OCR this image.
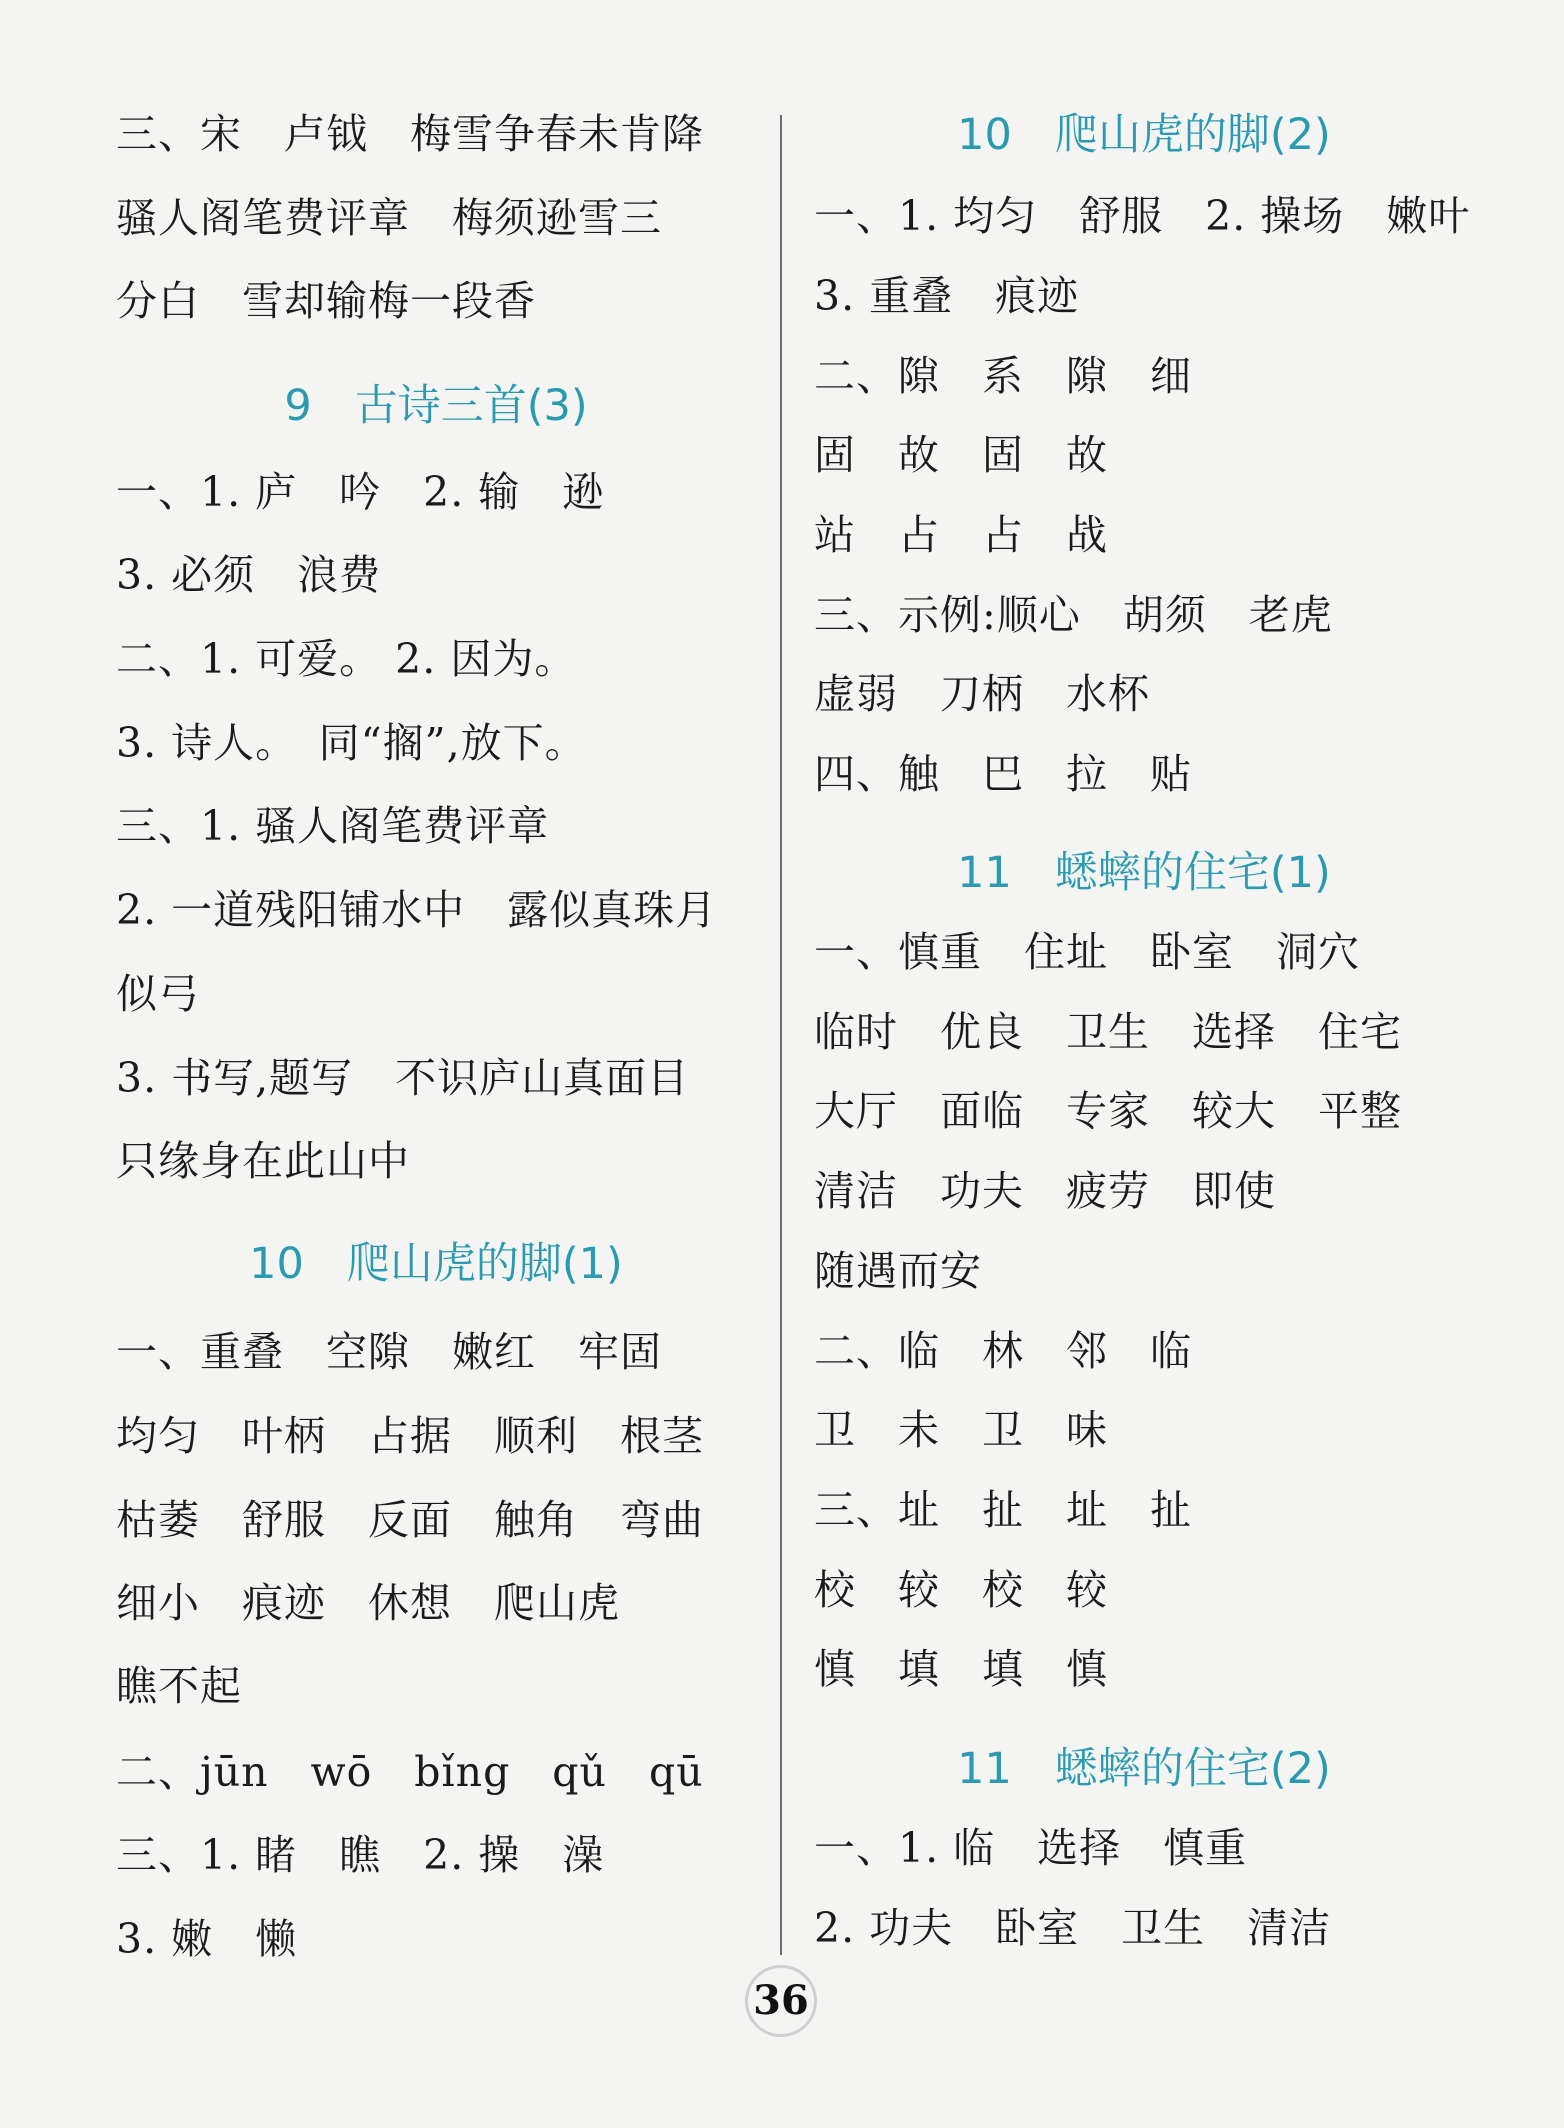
三、宋　卢钺　梅雪争春未肯降
骚人阁笔费评章　梅须逊雪三
分白　雪却输梅一段香
9　古诗三首(3)
一、1. 庐　吟　2. 输　逊
3. 必须　浪费
二、1. 可爱。 2. 因为。
3. 诗人。　同“搁”,放下。
三、1. 骚人阁笔费评章
2. 一道残阳铺水中　露似真珠月
似弓
3. 书写,题写　不识庐山真面目
只缘身在此山中
10　爬山虎的脚(1)
一、重叠　空隙　嫩红　牢固
均匀　叶柄　占据　顺利　根茎
枯萎　舒服　反面　触角　弯曲
细小　痕迹　休想　爬山虎
瞧不起
二、jūn　wō　bǐng　qǔ　qū
三、1. 睹　瞧　2. 操　澡
3. 嫩　懒
10　爬山虎的脚(2)
一、1. 均匀　舒服　2. 操场　嫩叶
3. 重叠　痕迹
二、隙　系　隙　细
固　故　固　故
站　占　占　战
三、示例:顺心　胡须　老虎
虚弱　刀柄　水杯
四、触　巴　拉　贴
11　蟋蟀的住宅(1)
一、慎重　住址　卧室　洞穴
临时　优良　卫生　选择　住宅
大厅　面临　专家　较大　平整
清洁　功夫　疲劳　即使
随遇而安
二、临　林　邻　临
卫　未　卫　味
三、址　扯　址　扯
校　较　校　较
慎　填　填　慎
11　蟋蟀的住宅(2)
一、1. 临　选择　慎重
2. 功夫　卧室　卫生　清洁
36
